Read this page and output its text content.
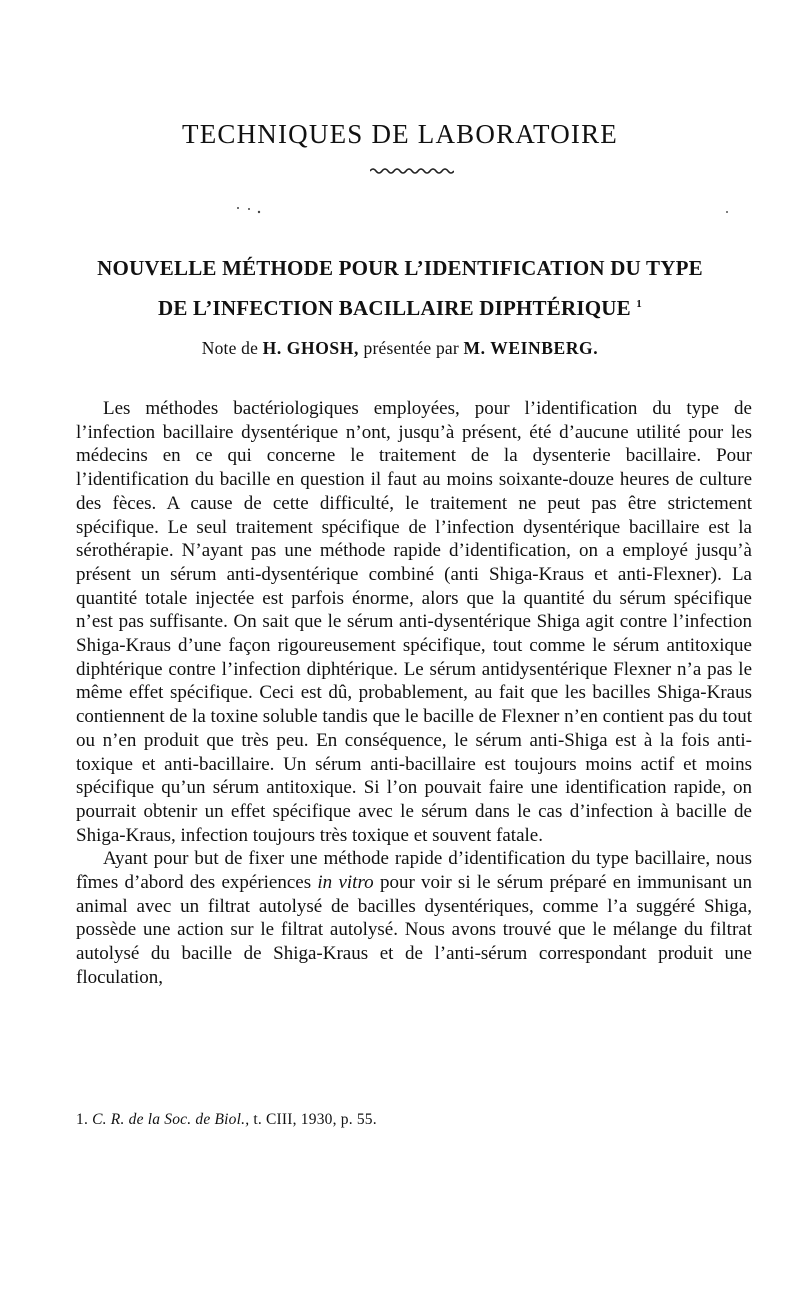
TECHNIQUES DE LABORATOIRE
NOUVELLE MÉTHODE POUR L’IDENTIFICATION DU TYPE
DE L’INFECTION BACILLAIRE DIPHTÉRIQUE $^1$
Note de H. GHOSH, présentée par M. WEINBERG.

Les méthodes bactériologiques employées, pour l’identification du type de l’infection bacillaire dysentérique n’ont, jusqu’à présent, été d’aucune utilité pour les médecins en ce qui concerne le traitement de la dysenterie bacillaire. Pour l’identification du bacille en question il faut au moins soixante-douze heures de culture des fèces. A cause de cette difficulté, le traitement ne peut pas être strictement spécifique. Le seul traitement spécifique de l’infection dysentérique bacillaire est la sérothérapie. N’ayant pas une méthode rapide d’identification, on a employé jusqu’à présent un sérum anti-dysentérique combiné (anti Shiga-Kraus et anti-Flexner). La quantité totale injectée est parfois énorme, alors que la quantité du sérum spécifique n’est pas suffisante. On sait que le sérum anti-dysentérique Shiga agit contre l’infection Shiga-Kraus d’une façon rigoureusement spécifique, tout comme le sérum antitoxique diphtérique contre l’infection diphtérique. Le sérum antidysentérique Flexner n’a pas le même effet spécifique. Ceci est dû, probablement, au fait que les bacilles Shiga-Kraus contiennent de la toxine soluble tandis que le bacille de Flexner n’en contient pas du tout ou n’en produit que très peu. En conséquence, le sérum anti-Shiga est à la fois anti-toxique et anti-bacillaire. Un sérum anti-bacillaire est toujours moins actif et moins spécifique qu’un sérum antitoxique. Si l’on pouvait faire une identification rapide, on pourrait obtenir un effet spécifique avec le sérum dans le cas d’infection à bacille de Shiga-Kraus, infection toujours très toxique et souvent fatale.

Ayant pour but de fixer une méthode rapide d’identification du type bacillaire, nous fîmes d’abord des expériences in vitro pour voir si le sérum préparé en immunisant un animal avec un filtrat autolysé de bacilles dysentériques, comme l’a suggéré Shiga, possède une action sur le filtrat autolysé. Nous avons trouvé que le mélange du filtrat autolysé du bacille de Shiga-Kraus et de l’anti-sérum correspondant produit une floculation,

1. C. R. de la Soc. de Biol., t. CIII, 1930, p. 55.
